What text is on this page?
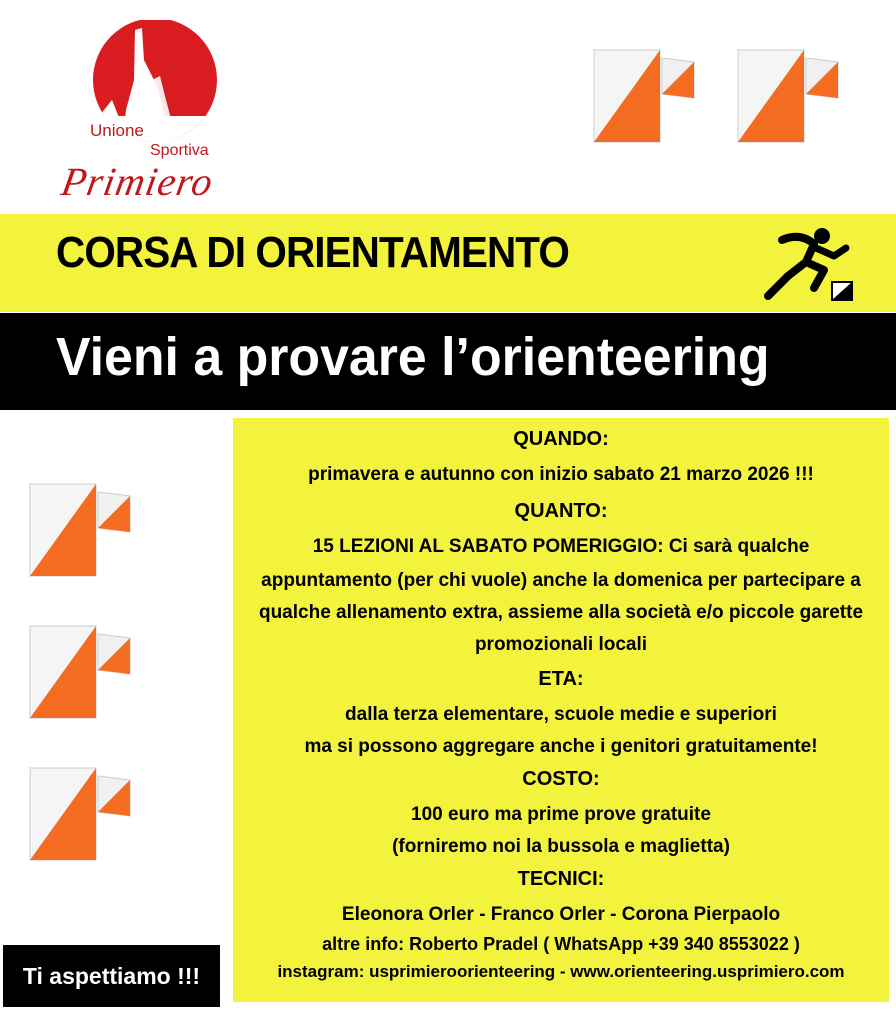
Unione
Sportiva
Primiero
CORSA DI ORIENTAMENTO
Vieni a provare l’orienteering
QUANDO:
primavera e autunno con inizio sabato 21 marzo 2026 !!!
QUANTO:
15 LEZIONI AL SABATO POMERIGGIO: Ci sarà qualche
appuntamento (per chi vuole) anche la domenica per partecipare a
qualche allenamento extra, assieme alla società e/o piccole garette
promozionali locali
ETA:
dalla terza elementare, scuole medie e superiori
ma si possono aggregare anche i genitori gratuitamente!
COSTO:
100 euro ma prime prove gratuite
(forniremo noi la bussola e maglietta)
TECNICI:
Eleonora Orler - Franco Orler - Corona Pierpaolo
altre info: Roberto Pradel ( WhatsApp +39 340 8553022 )
instagram: usprimieroorienteering - www.orienteering.usprimiero.com
Ti aspettiamo !!!
